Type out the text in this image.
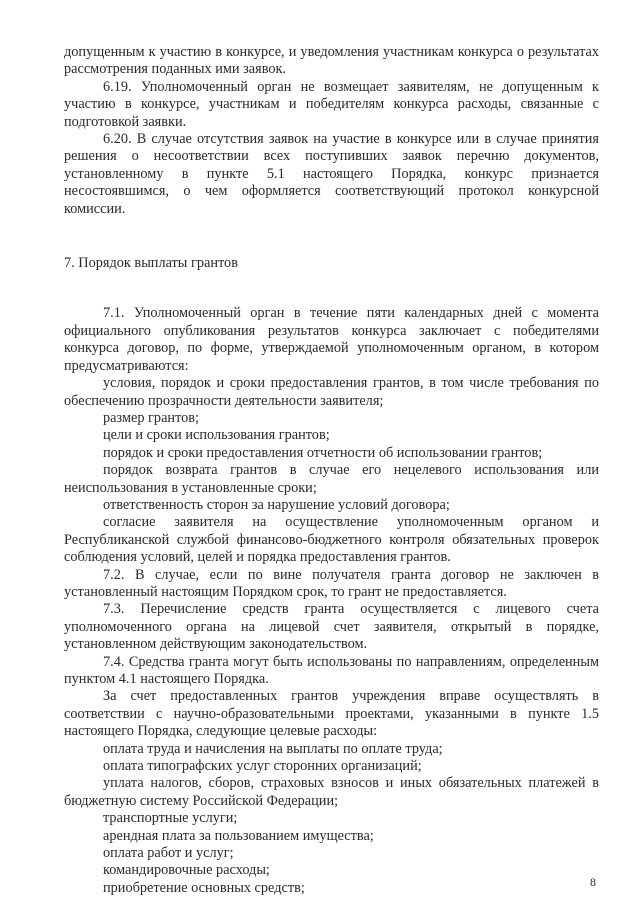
допущенным к участию в конкурсе, и уведомления участникам конкурса о результатах рассмотрения поданных ими заявок.

6.19. Уполномоченный орган не возмещает заявителям, не допущенным к участию в конкурсе, участникам и победителям конкурса расходы, связанные с подготовкой заявки.

6.20. В случае отсутствия заявок на участие в конкурсе или в случае принятия решения о несоответствии всех поступивших заявок перечню документов, установленному в пункте 5.1 настоящего Порядка, конкурс признается несостоявшимся, о чем оформляется соответствующий протокол конкурсной комиссии.

7. Порядок выплаты грантов

7.1. Уполномоченный орган в течение пяти календарных дней с момента официального опубликования результатов конкурса заключает с победителями конкурса договор, по форме, утверждаемой уполномоченным органом, в котором предусматриваются:

условия, порядок и сроки предоставления грантов, в том числе требования по обеспечению прозрачности деятельности заявителя;

размер грантов;

цели и сроки использования грантов;

порядок и сроки предоставления отчетности об использовании грантов;

порядок возврата грантов в случае его нецелевого использования или неиспользования в установленные сроки;

ответственность сторон за нарушение условий договора;

согласие заявителя на осуществление уполномоченным органом и Республиканской службой финансово-бюджетного контроля обязательных проверок соблюдения условий, целей и порядка предоставления грантов.

7.2. В случае, если по вине получателя гранта договор не заключен в установленный настоящим Порядком срок, то грант не предоставляется.

7.3. Перечисление средств гранта осуществляется с лицевого счета уполномоченного органа на лицевой счет заявителя, открытый в порядке, установленном действующим законодательством.

7.4. Средства гранта могут быть использованы по направлениям, определенным пунктом 4.1 настоящего Порядка.

За счет предоставленных грантов учреждения вправе осуществлять в соответствии с научно-образовательными проектами, указанными в пункте 1.5 настоящего Порядка, следующие целевые расходы:

оплата труда и начисления на выплаты по оплате труда;

оплата типографских услуг сторонних организаций;

уплата налогов, сборов, страховых взносов и иных обязательных платежей в бюджетную систему Российской Федерации;

транспортные услуги;

арендная плата за пользованием имущества;

оплата работ и услуг;

командировочные расходы;

приобретение основных средств;	8
